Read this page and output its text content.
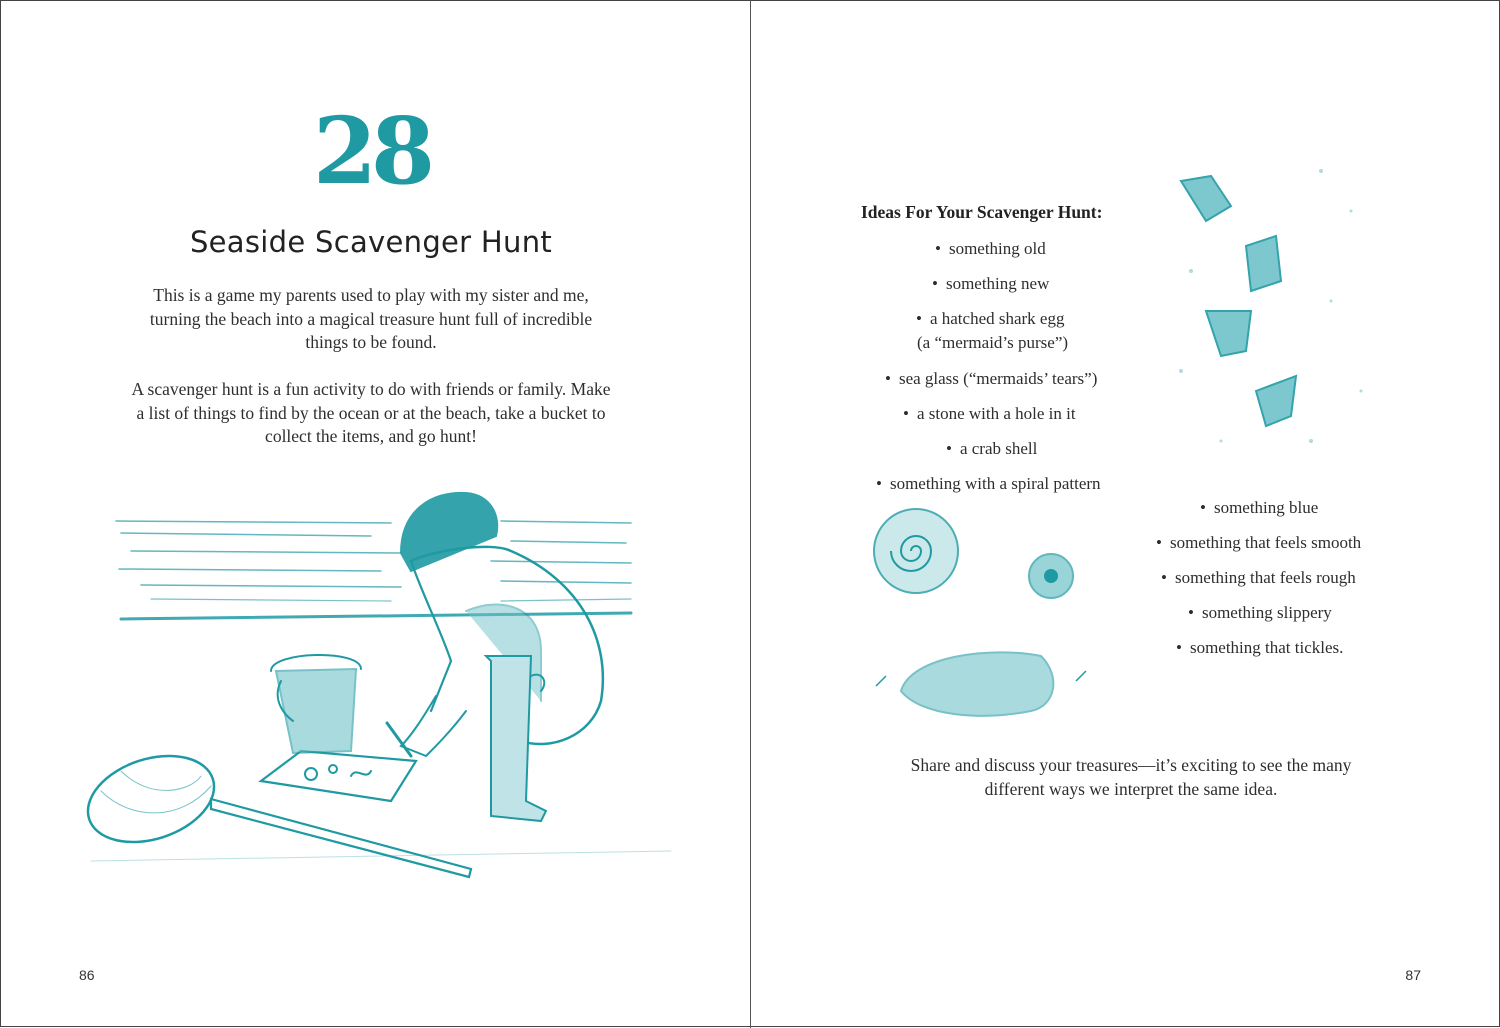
28
Seaside Scavenger Hunt
This is a game my parents used to play with my sister and me, turning the beach into a magical treasure hunt full of incredible things to be found.
A scavenger hunt is a fun activity to do with friends or family. Make a list of things to find by the ocean or at the beach, take a bucket to collect the items, and go hunt!
86
Ideas For Your Scavenger Hunt:
• something old
• something new
• a hatched shark egg
(a “mermaid’s purse”)
• sea glass (“mermaids’ tears”)
• a stone with a hole in it
• a crab shell
• something with a spiral pattern
• something blue
• something that feels smooth
• something that feels rough
• something slippery
• something that tickles.
Share and discuss your treasures—it’s exciting to see the many different ways we interpret the same idea.
87
